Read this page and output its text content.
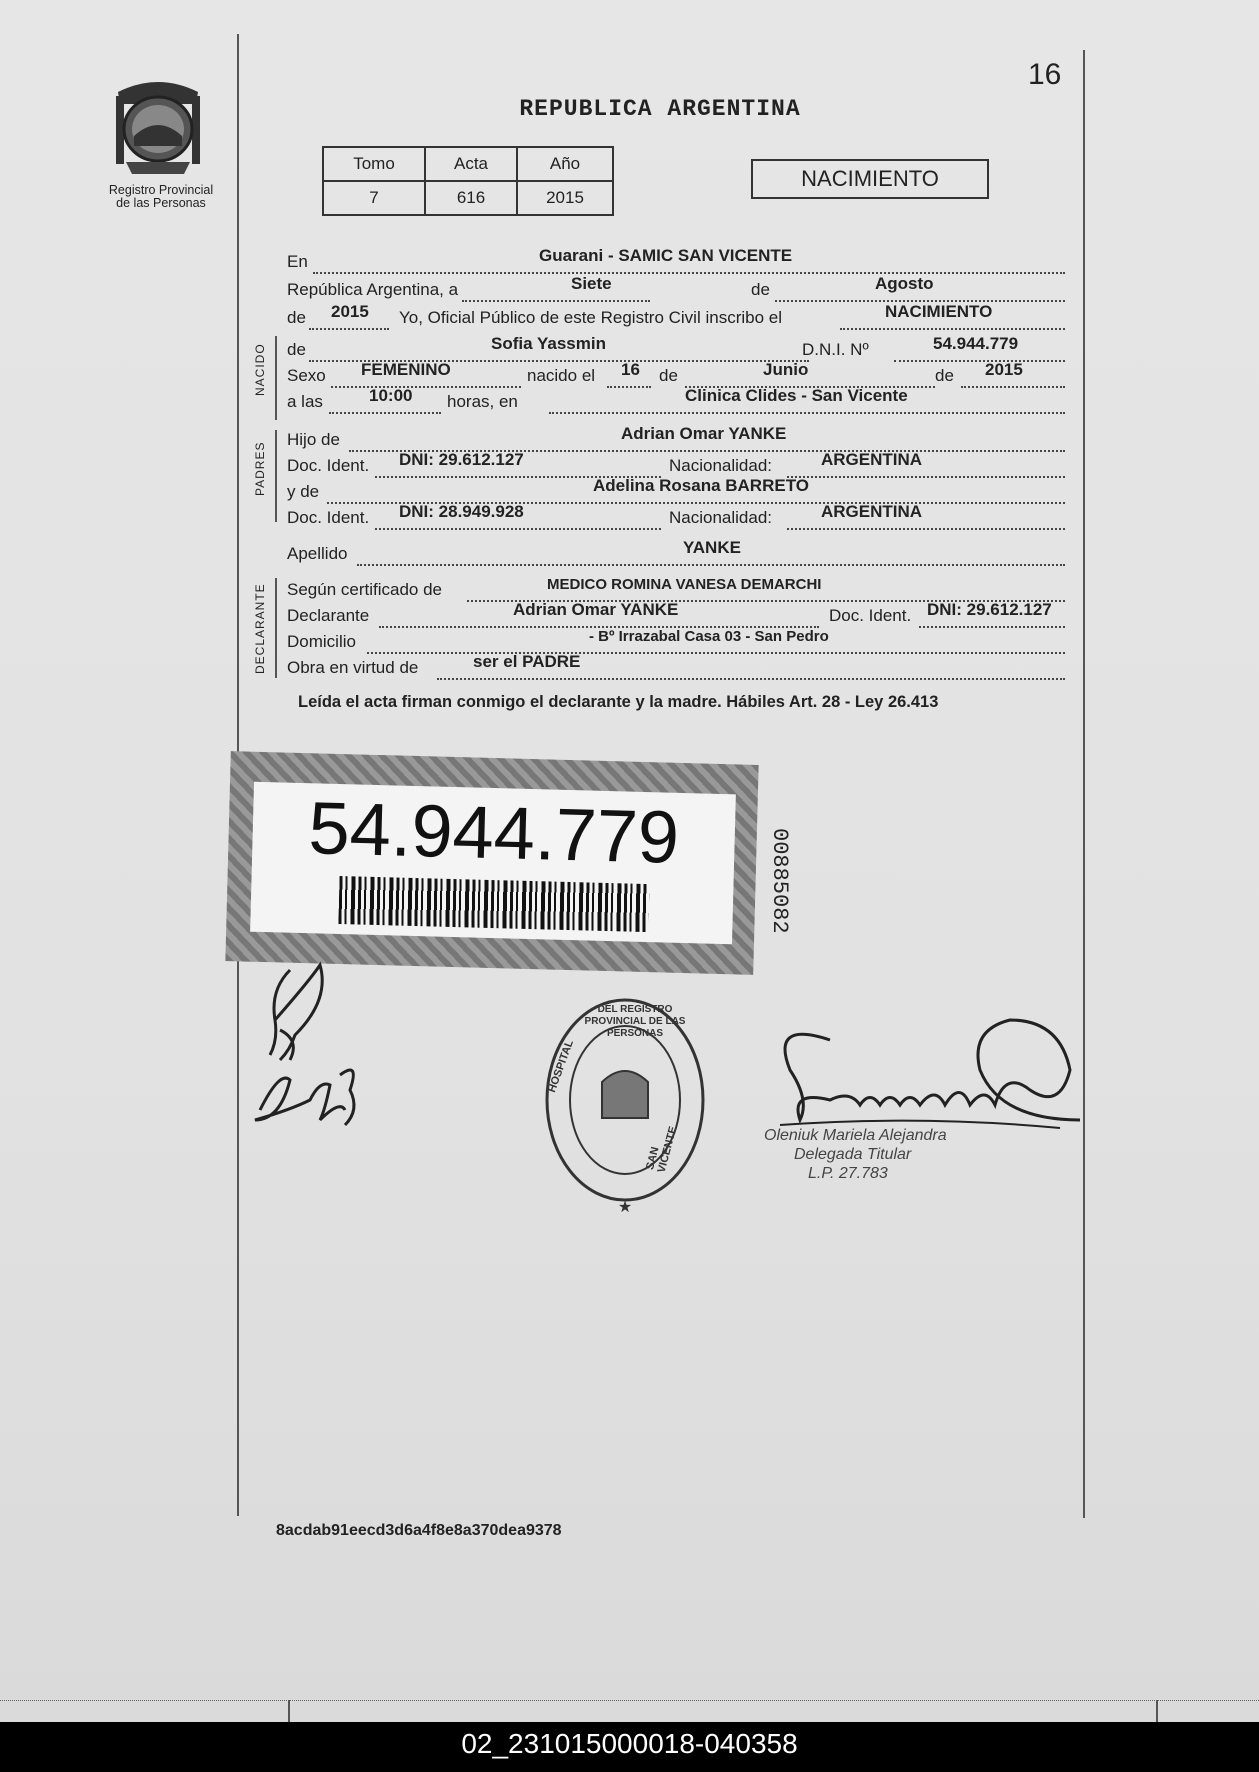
16
Registro Provincial
de las Personas
REPUBLICA ARGENTINA
Tomo	Acta	Año
7	616	2015
NACIMIENTO
En	Guarani - SAMIC SAN VICENTE
República Argentina, a	Siete	de	Agosto
de 2015 Yo, Oficial Público de este Registro Civil inscribo el	NACIMIENTO
NACIDO
PADRES
DECLARANTE
de	Sofia Yassmin	D.N.I. Nº	54.944.779
Sexo FEMENINO	nacido el 16 de	Junio	de 2015
a las	10:00 horas, en	Clinica Clides - San Vicente
Hijo de	Adrian Omar YANKE
Doc. Ident. DNI: 29.612.127	Nacionalidad:	ARGENTINA
y de	Adelina Rosana BARRETO
Doc. Ident. DNI: 28.949.928	Nacionalidad:	ARGENTINA
Apellido	YANKE
Según certificado de	MEDICO ROMINA VANESA DEMARCHI
Declarante	Adrian Omar YANKE	Doc. Ident. DNI: 29.612.127
Domicilio	- Bº Irrazabal Casa 03 - San Pedro
Obra en virtud de	ser el PADRE
Leída el acta firman conmigo el declarante y la madre. Hábiles Art. 28 - Ley 26.413
54.944.779	00885082
★
DEL REGISTRO PROVINCIAL DE LAS PERSONAS
HOSPITAL
SAN VICENTE	Oleniuk Mariela Alejandra
Delegada Titular
L.P. 27.783
8acdab91eecd3d6a4f8e8a370dea9378
02_231015000018-040358
